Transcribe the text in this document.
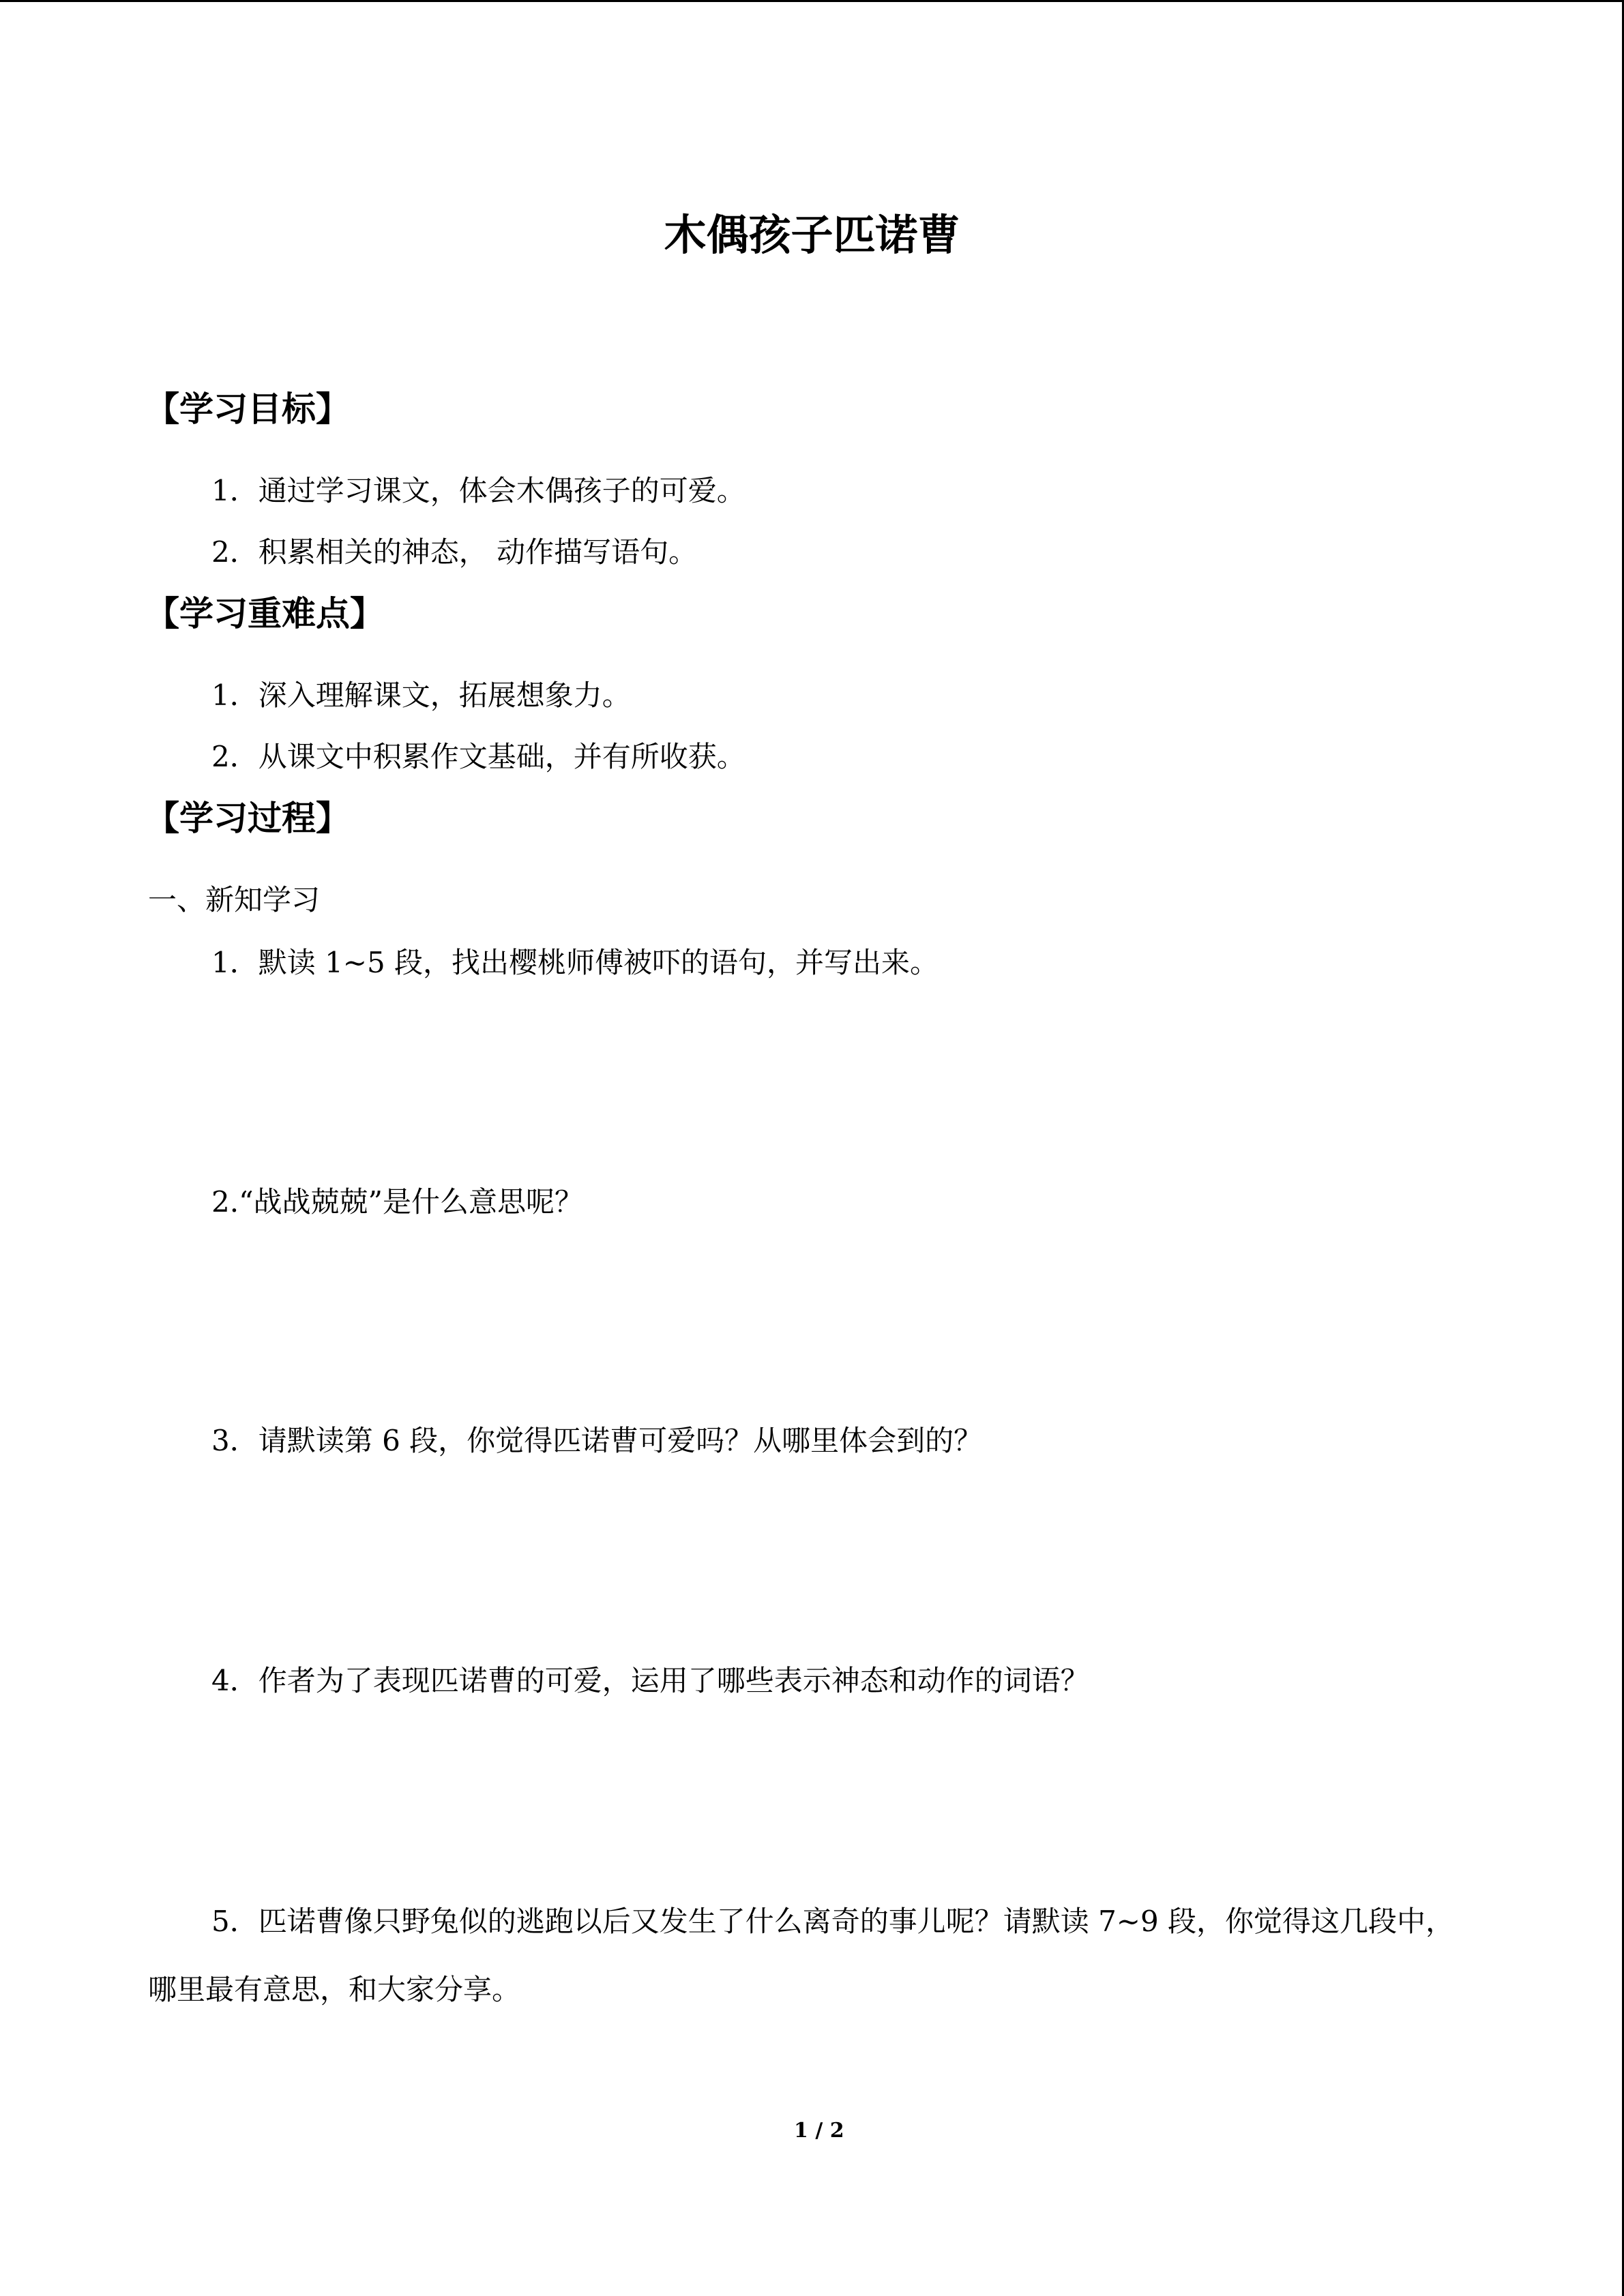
木偶孩子匹诺曹
【学习目标】
1．通过学习课文，体会木偶孩子的可爱。
2．积累相关的神态， 动作描写语句。
【学习重难点】
1．深入理解课文，拓展想象力。
2．从课文中积累作文基础，并有所收获。
【学习过程】
一、新知学习
1．默读 1~5 段，找出樱桃师傅被吓的语句，并写出来。
2.“战战兢兢”是什么意思呢？
3．请默读第 6 段，你觉得匹诺曹可爱吗？从哪里体会到的？
4．作者为了表现匹诺曹的可爱，运用了哪些表示神态和动作的词语？
5．匹诺曹像只野兔似的逃跑以后又发生了什么离奇的事儿呢？请默读 7~9 段，你觉得这几段中，哪里最有意思，和大家分享。
1 / 2
